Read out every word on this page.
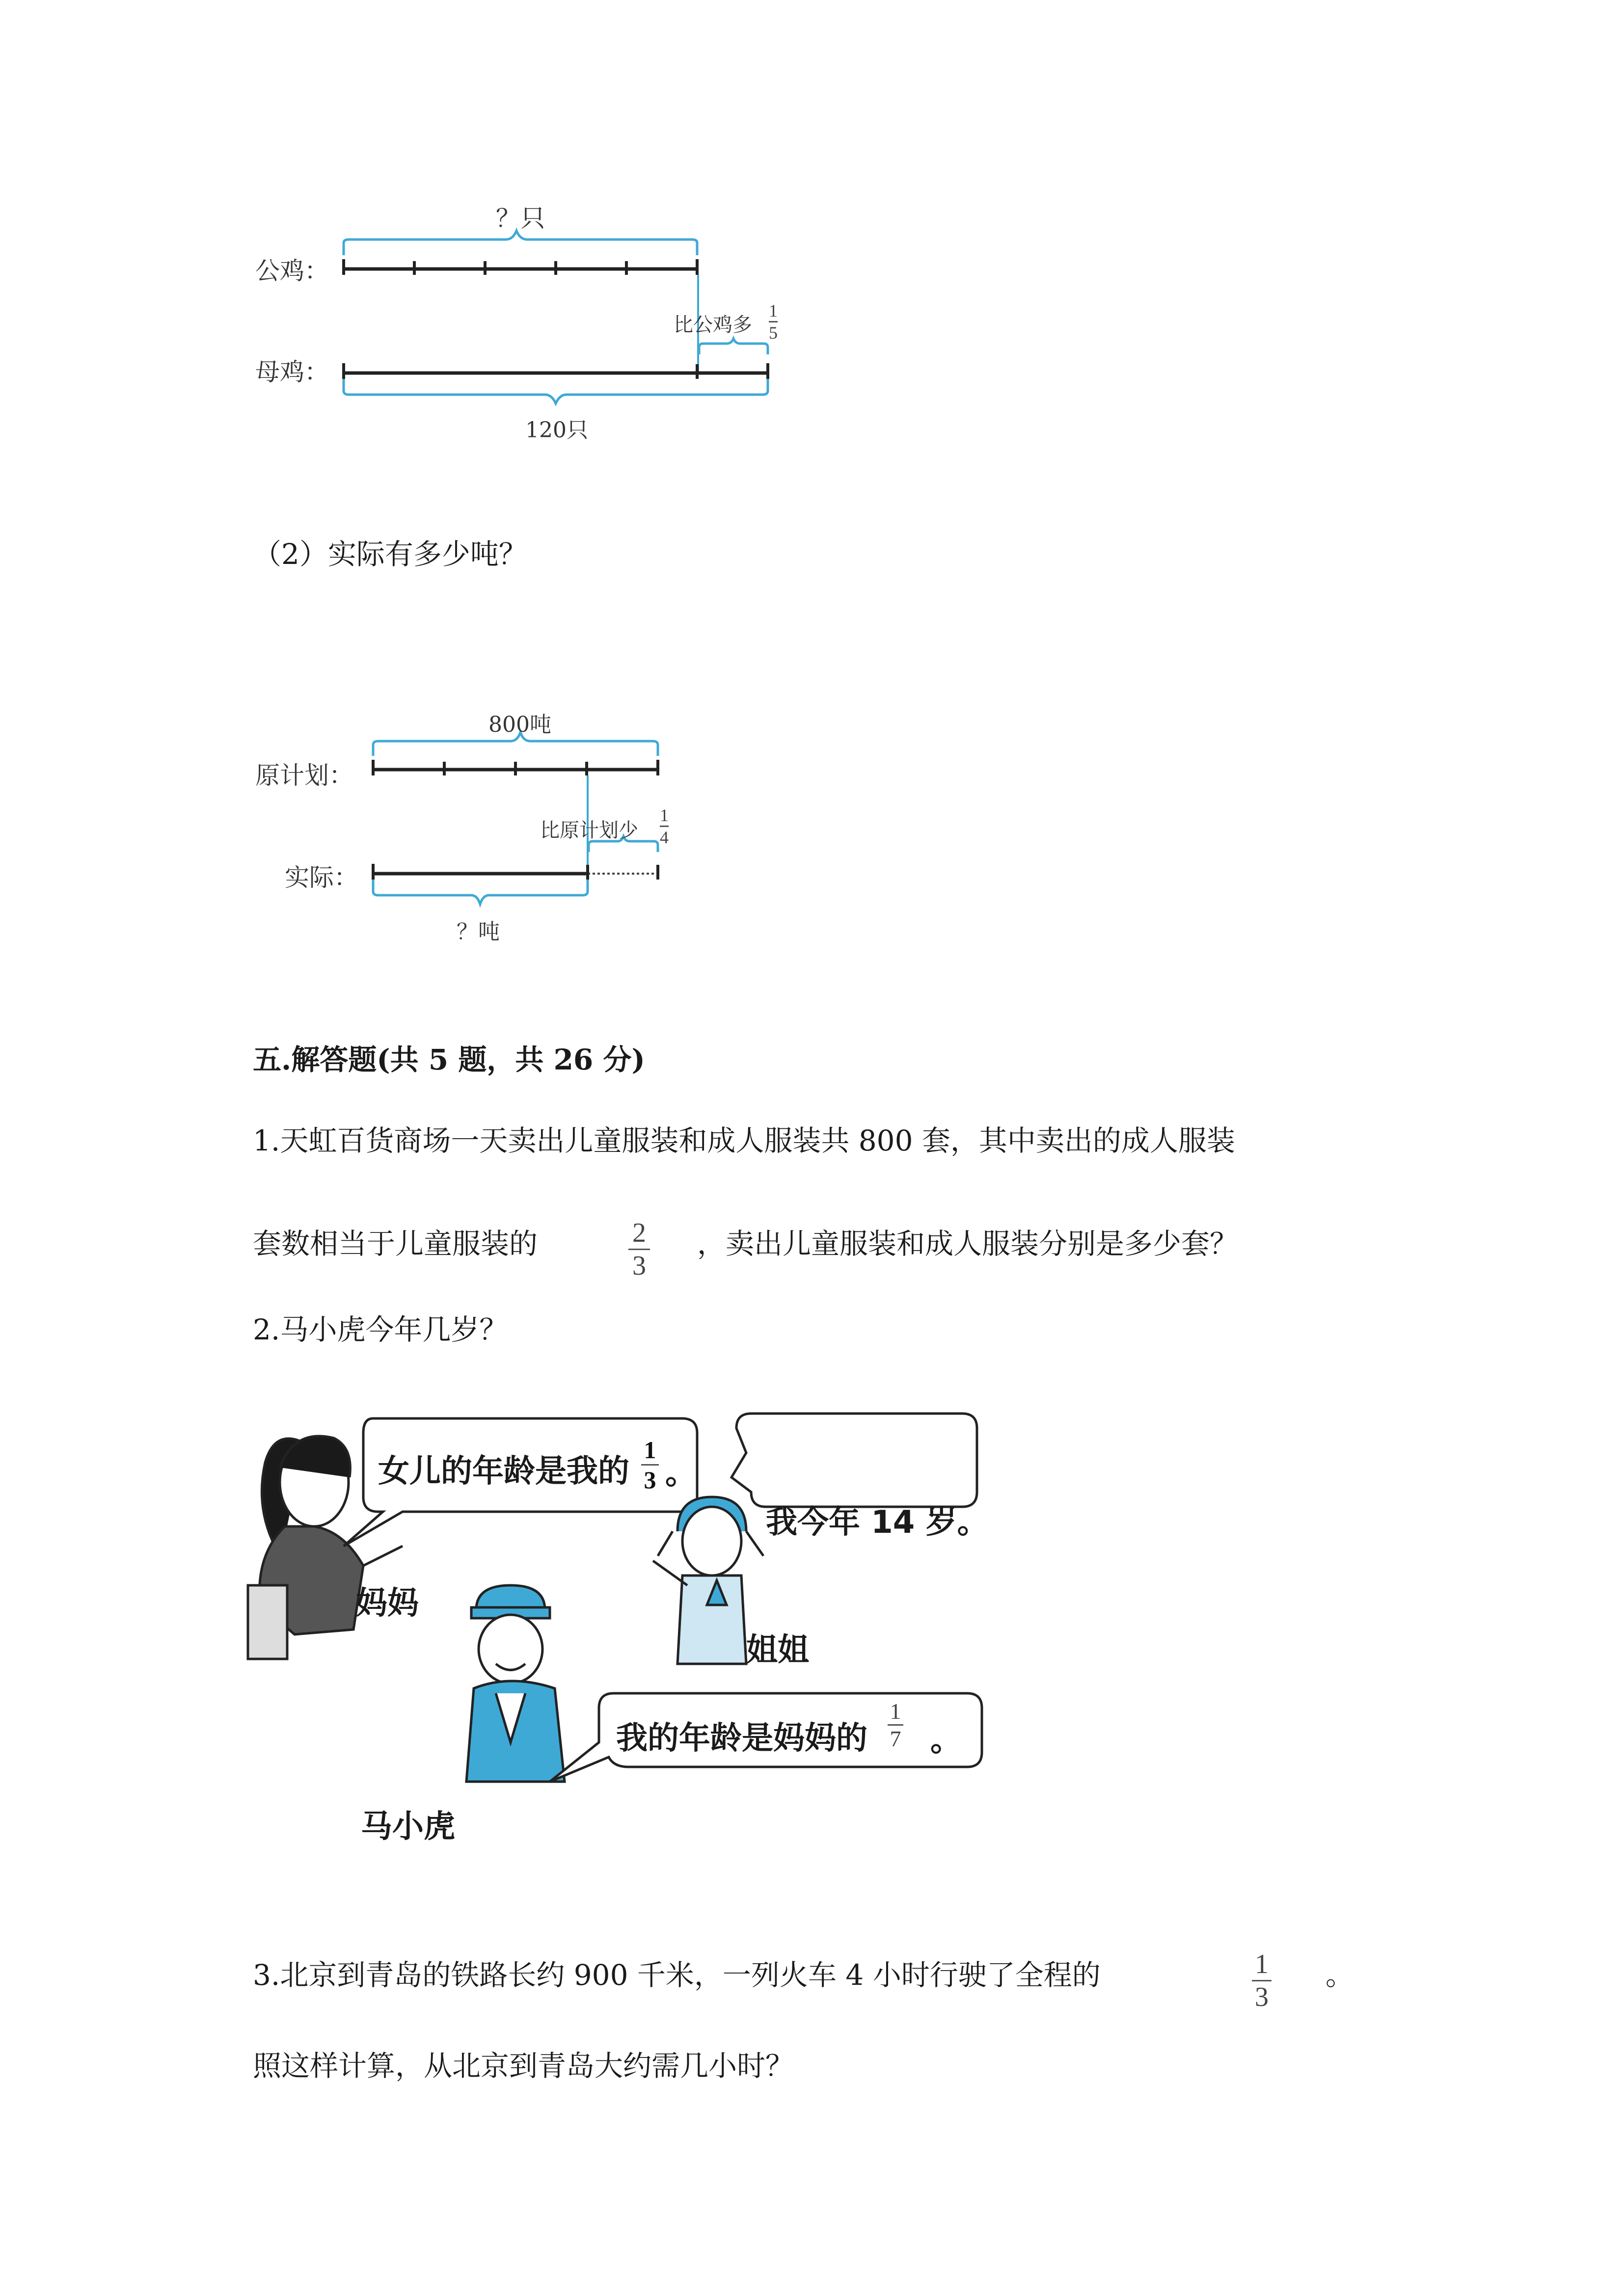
？只
公鸡：
母鸡：
比公鸡多
1
5
120只
（2）实际有多少吨？
800吨
原计划：
实际：
比原计划少
1
4
？吨
五.解答题(共 5 题，共 26 分)
1.天虹百货商场一天卖出儿童服装和成人服装共 800 套，其中卖出的成人服装
套数相当于儿童服装的	2
3
，卖出儿童服装和成人服装分别是多少套？
2.马小虎今年几岁？
女儿的年龄是我的
1
3 。
妈妈
我今年 14 岁。
姐姐
我的年龄是妈妈的
1
7 。
马小虎
3.北京到青岛的铁路长约 900 千米，一列火车 4 小时行驶了全程的	1
3
。
照这样计算，从北京到青岛大约需几小时？
